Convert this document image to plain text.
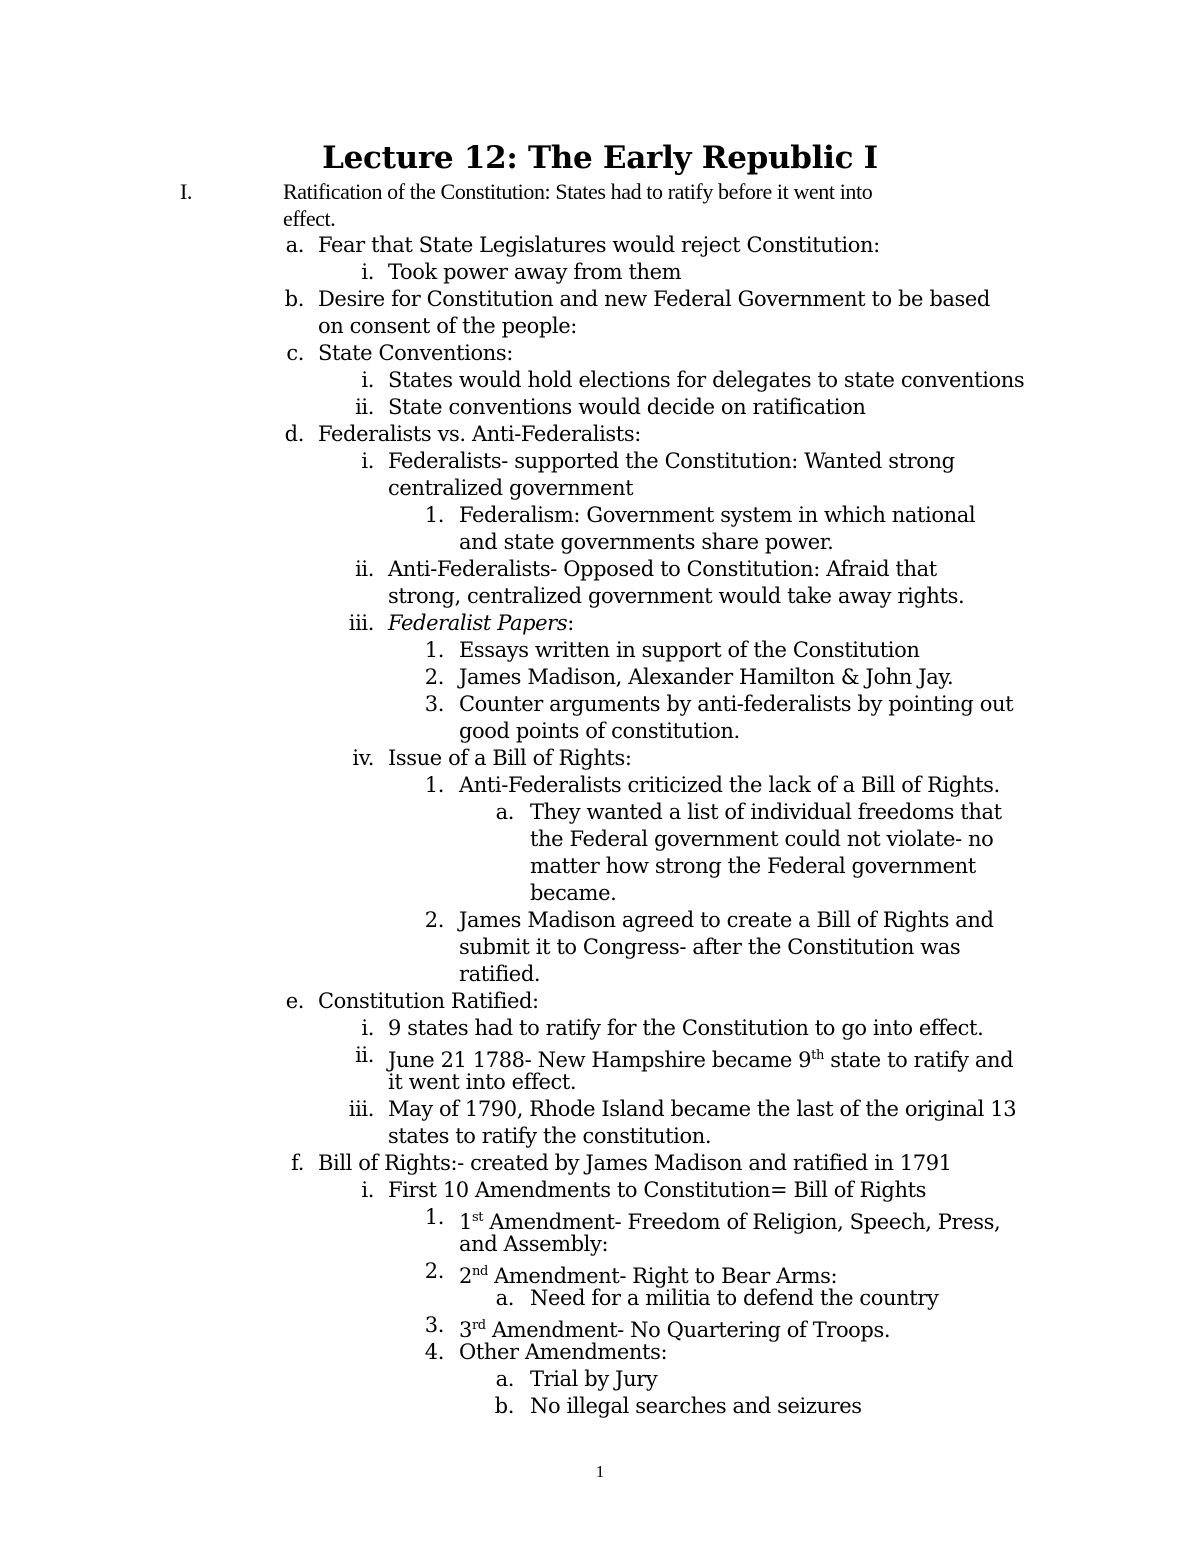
Lecture 12: The Early Republic I
I.	Ratification of the Constitution: States had to ratify before it went into
effect.
a. Fear that State Legislatures would reject Constitution:
i. Took power away from them
b. Desire for Constitution and new Federal Government to be based
on consent of the people:
c. State Conventions:
i. States would hold elections for delegates to state conventions
ii. State conventions would decide on ratification
d. Federalists vs. Anti-Federalists:
i. Federalists- supported the Constitution: Wanted strong
centralized government
1. Federalism: Government system in which national
and state governments share power.
ii. Anti-Federalists- Opposed to Constitution: Afraid that
strong, centralized government would take away rights.
iii. Federalist Papers:
1. Essays written in support of the Constitution
2. James Madison, Alexander Hamilton & John Jay.
3. Counter arguments by anti-federalists by pointing out
good points of constitution.
iv. Issue of a Bill of Rights:
1. Anti-Federalists criticized the lack of a Bill of Rights.
a. They wanted a list of individual freedoms that
the Federal government could not violate- no
matter how strong the Federal government
became.
2. James Madison agreed to create a Bill of Rights and
submit it to Congress- after the Constitution was
ratified.
e. Constitution Ratified:
i. 9 states had to ratify for the Constitution to go into effect.
ii. June 21 1788- New Hampshire became 9th state to ratify and
it went into effect.
iii. May of 1790, Rhode Island became the last of the original 13
states to ratify the constitution.
f. Bill of Rights:- created by James Madison and ratified in 1791
i. First 10 Amendments to Constitution= Bill of Rights
1. 1st Amendment- Freedom of Religion, Speech, Press,
and Assembly:
2. 2nd Amendment- Right to Bear Arms:
a. Need for a militia to defend the country
3. 3rd Amendment- No Quartering of Troops.
4. Other Amendments:
a. Trial by Jury
b. No illegal searches and seizures
1
